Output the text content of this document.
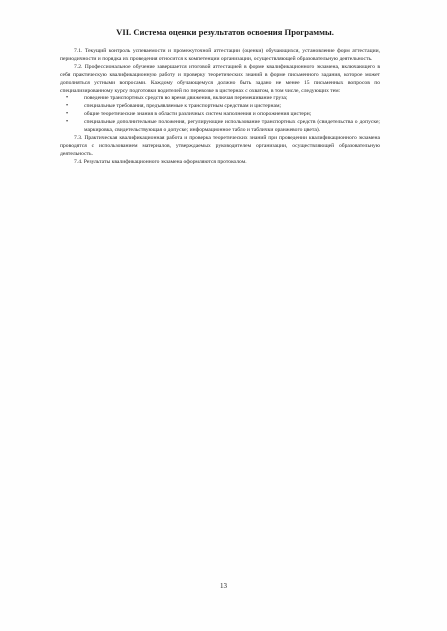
VII. Система оценки результатов освоения Программы.

7.1. Текущий контроль успеваемости и промежуточной аттестации (оценки) обучающихся, установление форм аттестации, периодичности и порядка их проведения относится к компетенции организации, осуществляющей образовательную деятельность.

7.2. Профессиональное обучение завершается итоговой аттестацией в форме квалификационного экзамена, включающего в себя практическую квалификационную работу и проверку теоретических знаний в форме письменного задания, которое может дополняться устными вопросами. Каждому обучающемуся должно быть задано не менее 15 письменных вопросов по специализированному курсу подготовки водителей по перевозке в цистернах с охватом, в том числе, следующих тем:

•	поведение транспортных средств во время движения, включая перемешивание груза;
•	специальные требования, предъявляемые к транспортным средствам и цистернам;
•	общие теоретические знания в области различных систем наполнения и опорожнения цистерн;
•	специальные дополнительные положения, регулирующие использование транспортных средств (свидетельства о допуске; маркировка, свидетельствующая о допуске; информационное табло и таблички оранжевого цвета).

7.3. Практическая квалификационная работа и проверка теоретических знаний при проведении квалификационного экзамена проводятся с использованием материалов, утверждаемых руководителем организации, осуществляющей образовательную деятельность.

7.4. Результаты квалификационного экзамена оформляются протоколом.

13
